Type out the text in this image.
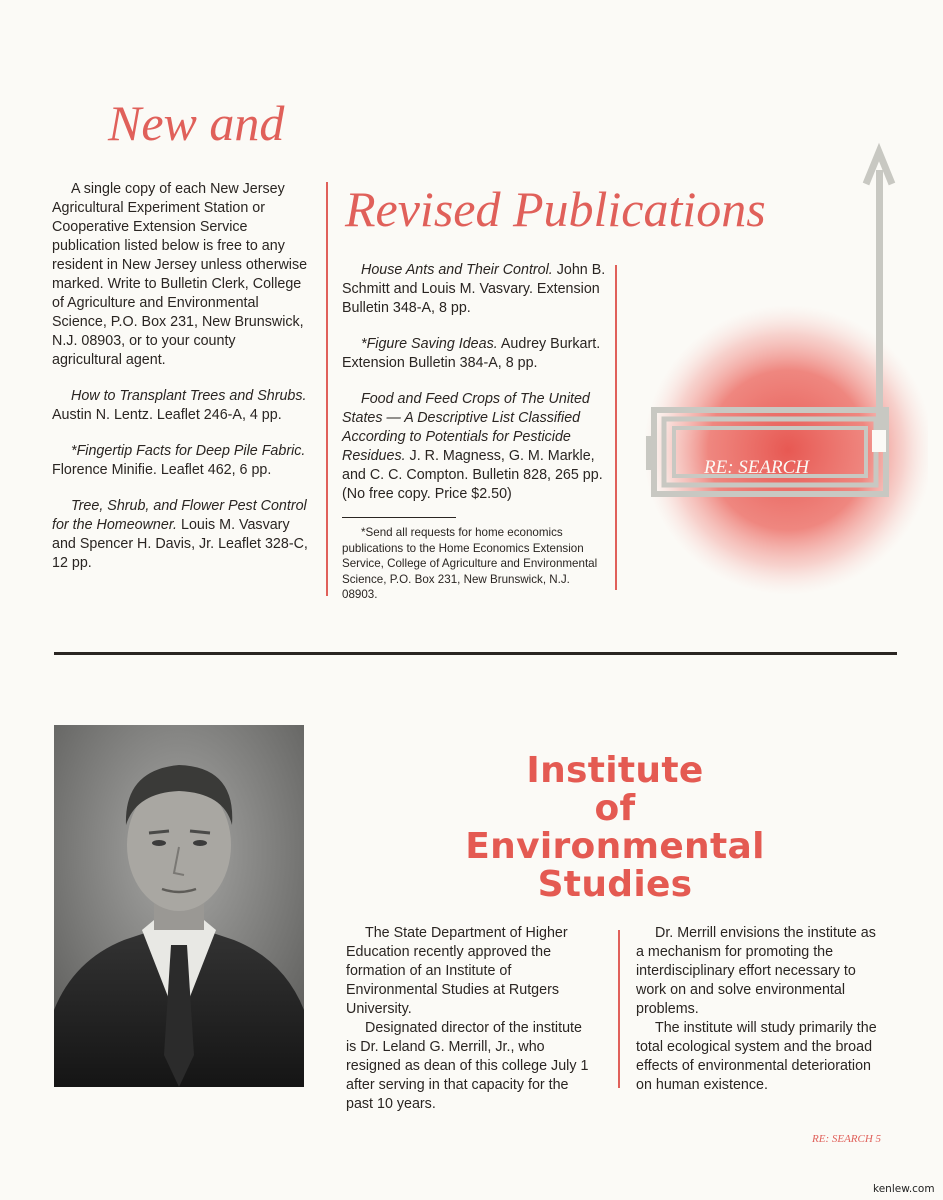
New and
Revised Publications

A single copy of each New Jersey Agricultural Experiment Station or Cooperative Extension Service publication listed below is free to any resident in New Jersey unless otherwise marked. Write to Bulletin Clerk, College of Agriculture and Environmental Science, P.O. Box 231, New Brunswick, N.J. 08903, or to your county agricultural agent.

How to Transplant Trees and Shrubs. Austin N. Lentz. Leaflet 246-A, 4 pp.

*Fingertip Facts for Deep Pile Fabric. Florence Minifie. Leaflet 462, 6 pp.

Tree, Shrub, and Flower Pest Control for the Homeowner. Louis M. Vasvary and Spencer H. Davis, Jr. Leaflet 328-C, 12 pp.

House Ants and Their Control. John B. Schmitt and Louis M. Vasvary. Extension Bulletin 348-A, 8 pp.

*Figure Saving Ideas. Audrey Burkart. Extension Bulletin 384-A, 8 pp.

Food and Feed Crops of The United States — A Descriptive List Classified According to Potentials for Pesticide Residues. J. R. Magness, G. M. Markle, and C. C. Compton. Bulletin 828, 265 pp. (No free copy. Price $2.50)

*Send all requests for home economics publications to the Home Economics Extension Service, College of Agriculture and Environmental Science, P.O. Box 231, New Brunswick, N.J. 08903.

RE: SEARCH
Institute
of
Environmental
Studies

The State Department of Higher Education recently approved the formation of an Institute of Environmental Studies at Rutgers University.

Designated director of the institute is Dr. Leland G. Merrill, Jr., who resigned as dean of this college July 1 after serving in that capacity for the past 10 years.

Dr. Merrill envisions the institute as a mechanism for promoting the interdisciplinary effort necessary to work on and solve environmental problems.

The institute will study primarily the total ecological system and the broad effects of environmental deterioration on human existence.

RE: SEARCH 5
kenlew.com
